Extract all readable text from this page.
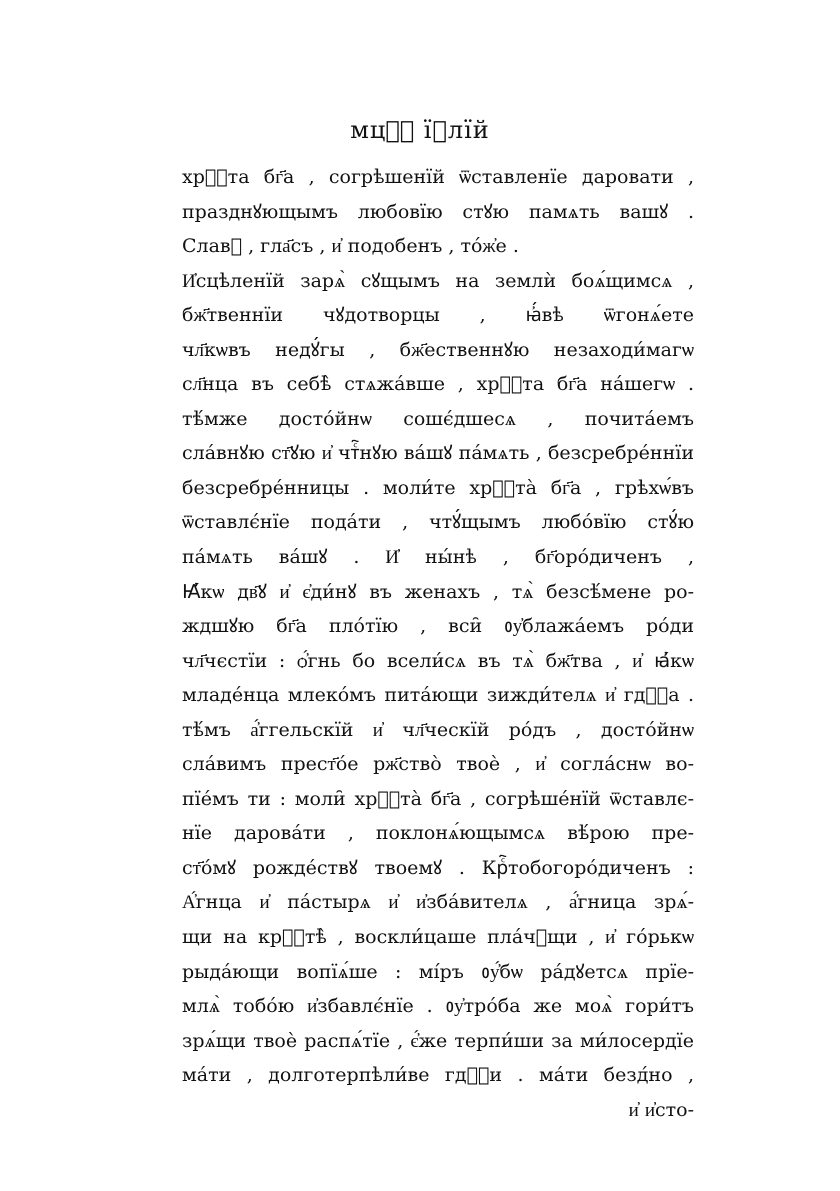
мцⷭ҇ їꙋлїй
хрⷭ҇та бг҃а , согрѣшенїй ѿставленїе даровати ,
празднꙋющымъ любовїю стꙋю памѧть вашꙋ .
Славⷶ , гла҃съ , и҆ подобенъ , то́ж҆е .
И҆сцѣленїй зарѧ̀ сꙋщымъ на землѝ боѧ́щимсѧ ,
бж҃твеннїи чꙋдотворцы , ꙗ҆́вѣ ѿгонѧ́ете
чл҃кѡвъ недꙋ́гы , бж҃ественнꙋю незаходи́магѡ
сл҃нца въ себѣ̀ стѧжа́вше , хрⷭ҇та бг҃а на́шегѡ .
тѣ́мже досто́йнѡ сошє́дшесѧ , почита́емъ
сла́внꙋю ст҃ꙋю и҆ чтⷭ҇нꙋю ва́шꙋ па́мѧть , безсребре́ннїи
безсребре́нницы . моли́те хрⷭ҇та̀ бг҃а , грѣхѡ́въ
ѿставлє́нїе пода́ти , чтꙋ́щымъ любо́вїю стꙋ́ю
па́мѧть ва́шꙋ . И҆ ны́нѣ , бг҃оро́диченъ ,
Ꙗ҆́кѡ дв҃ꙋ и҆ є҆ди́нꙋ въ женахъ , тѧ̀ безсѣ́мене ро-
ждшꙋю бг҃а пло́тїю , вси̑ ᲂу҆блажа́емъ ро́ди
чл҃чєстїи : ѻ҆́гнь бо всели́сѧ въ тѧ̀ бж҃тва , и҆ ꙗ҆́кѡ
младе́нца млеко́мъ пита́ющи зижди́телѧ и҆ гдⷭ҇а .
тѣ́мъ а҆́ггельскїй и҆ чл҃ческїй ро́дъ , досто́йнѡ
сла́вимъ прест҃о́е рж҃ство̀ твоѐ , и҆ согла́снѡ во-
пїе́мъ ти : моли̑ хрⷭ҇та̀ бг҃а , согрѣше́нїй ѿставлє-
нїе дарова́ти , поклонѧ́ющымсѧ вѣ́рою пре-
ст҃о́мꙋ рожде́ствꙋ твоемꙋ . Крⷭ҇тобогоро́диченъ :
А҆́гнца и҆ па́стырѧ и҆ и҆зба́вителѧ , а҆́гница зрѧ́-
щи на крⷭ҇тѣ̀ , воскли́цаше пла́чꙋщи , и҆ го́рькѡ
рыда́ющи вопїѧ́ше : мі́ръ ᲂу҆́бѡ ра́дꙋетсѧ прїе-
млѧ̀ тобо́ю и҆збавлє́нїе . ᲂу҆тро́ба же моѧ̀ гори́тъ
зрѧ́щи твоѐ распѧ́тїе , є҆́же терпи́ши за ми́лосердїе
ма́ти , долготерпѣли́ве гдⷭ҇и . ма́ти безд́но ,
и҆ и҆сто-
